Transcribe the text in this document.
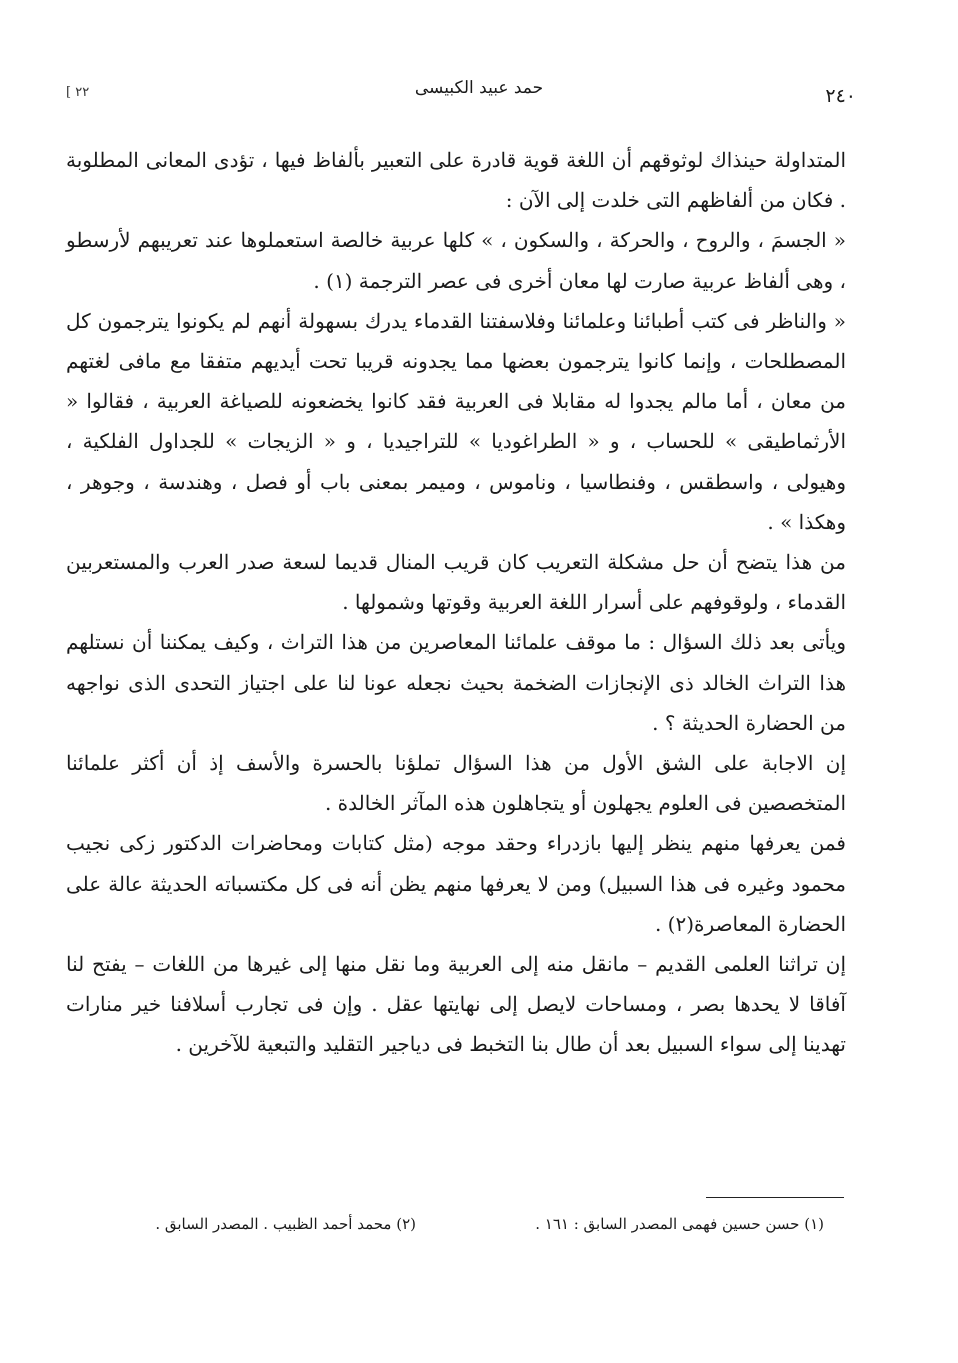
٢٤٠
حمد عبيد الكبيسى
[ ٢٢

المتداولة حينذاك لوثوقهم أن اللغة قوية قادرة على التعبير بألفاظ فيها ، تؤدى المعانى المطلوبة . فكان من ألفاظهم التى خلدت إلى الآن :

« الجسمَ ، والروح ، والحركة ، والسكون ، » كلها عربية خالصة استعملوها عند تعريبهم لأرسطو ، وهى ألفاظ عربية صارت لها معان أخرى فى عصر الترجمة (١) .

« والناظر فى كتب أطبائنا وعلمائنا وفلاسفتنا القدماء يدرك بسهولة أنهم لم يكونوا يترجمون كل المصطلحات ، وإنما كانوا يترجمون بعضها مما يجدونه قريبا تحت أيديهم متفقا مع مافى لغتهم من معان ، أما مالم يجدوا له مقابلا فى العربية فقد كانوا يخضعونه للصياغة العربية ، فقالوا « الأرثماطيقى » للحساب ، و « الطراغوديا » للتراجيديا ، و « الزيجات » للجداول الفلكية ، وهيولى ، واسطقس ، وفنطاسيا ، وناموس ، وميمر بمعنى باب أو فصل ، وهندسة ، وجوهر ، وهكذا » .

من هذا يتضح أن حل مشكلة التعريب كان قريب المنال قديما لسعة صدر العرب والمستعربين القدماء ، ولوقوفهم على أسرار اللغة العربية وقوتها وشمولها .

ويأتى بعد ذلك السؤال : ما موقف علمائنا المعاصرين من هذا التراث ، وكيف يمكننا أن نستلهم هذا التراث الخالد ذى الإنجازات الضخمة بحيث نجعله عونا لنا على اجتياز التحدى الذى نواجهه من الحضارة الحديثة ؟ .

إن الاجابة على الشق الأول من هذا السؤال تملؤنا بالحسرة والأسف إذ أن أكثر علمائنا المتخصصين فى العلوم يجهلون أو يتجاهلون هذه المآثر الخالدة .

فمن يعرفها منهم ينظر إليها بازدراء وحقد موجه (مثل كتابات ومحاضرات الدكتور زكى نجيب محمود وغيره فى هذا السبيل) ومن لا يعرفها منهم يظن أنه فى كل مكتسباته الحديثة عالة على الحضارة المعاصرة(٢) .

إن تراثنا العلمى القديم – مانقل منه إلى العربية وما نقل منها إلى غيرها من اللغات – يفتح لنا آفاقا لا يحدها بصر ، ومساحات لايصل إلى نهايتها عقل . وإن فى تجارب أسلافنا خير منارات تهدينا إلى سواء السبيل بعد أن طال بنا التخبط فى دياجير التقليد والتبعية للآخرين .

(١) حسن حسين فهمى المصدر السابق : ١٦١ .
(٢) محمد أحمد الظبيب . المصدر السابق .
